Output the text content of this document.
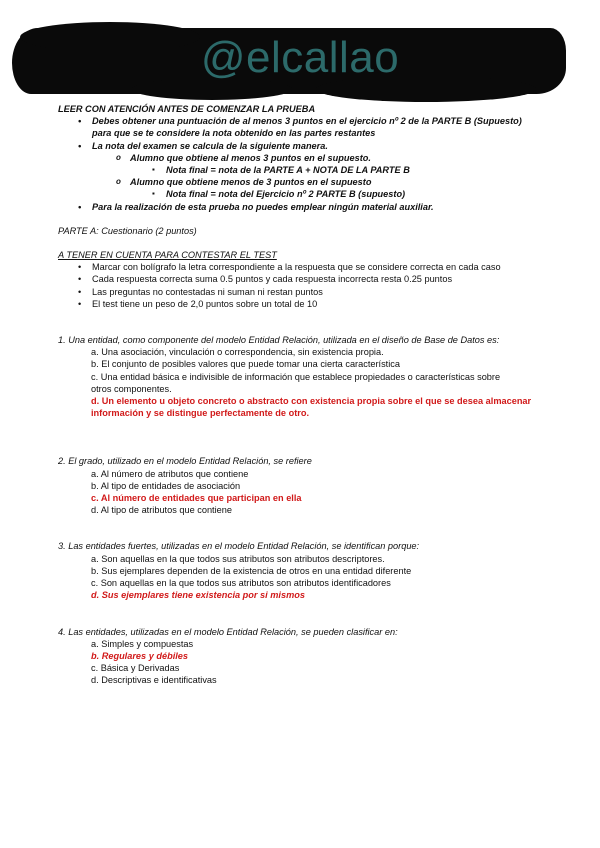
@elcallao
LEER CON ATENCIÓN ANTES DE COMENZAR LA PRUEBA
• Debes obtener una puntuación de al menos 3 puntos en el ejercicio nº 2 de la PARTE B (Supuesto)
para que se te considere la nota obtenido en las partes restantes
• La nota del examen se calcula de la siguiente manera.
o Alumno que obtiene al menos 3 puntos en el supuesto.
▪ Nota final = nota de la PARTE A + NOTA DE LA PARTE B
o Alumno que obtiene menos de 3 puntos en el supuesto
▪ Nota final = nota del Ejercicio nº 2 PARTE B (supuesto)
• Para la realización de esta prueba no puedes emplear ningún material auxiliar.
PARTE A: Cuestionario (2 puntos)
A TENER EN CUENTA PARA CONTESTAR EL TEST
• Marcar con bolígrafo la letra correspondiente a la respuesta que se considere correcta en cada caso
• Cada respuesta correcta suma 0.5 puntos y cada respuesta incorrecta resta 0.25 puntos
• Las preguntas no contestadas ni suman ni restan puntos
• El test tiene un peso de 2,0 puntos sobre un total de 10
1. Una entidad, como componente del modelo Entidad Relación, utilizada en el diseño de Base de Datos es:
a. Una asociación, vinculación o correspondencia, sin existencia propia.
b. El conjunto de posibles valores que puede tomar una cierta característica
c. Una entidad básica e indivisible de información que establece propiedades o características sobre
otros componentes.
d. Un elemento u objeto concreto o abstracto con existencia propia sobre el que se desea almacenar
información y se distingue perfectamente de otro.
2. El grado, utilizado en el modelo Entidad Relación, se refiere
a. Al número de atributos que contiene
b. Al tipo de entidades de asociación
c. Al número de entidades que participan en ella
d. Al tipo de atributos que contiene
3. Las entidades fuertes, utilizadas en el modelo Entidad Relación, se identifican porque:
a. Son aquellas en la que todos sus atributos son atributos descriptores.
b. Sus ejemplares dependen de la existencia de otros en una entidad diferente
c. Son aquellas en la que todos sus atributos son atributos identificadores
d. Sus ejemplares tiene existencia por si mismos
4. Las entidades, utilizadas en el modelo Entidad Relación, se pueden clasificar en:
a. Simples y compuestas
b. Regulares y débiles
c. Básica y Derivadas
d. Descriptivas e identificativas
